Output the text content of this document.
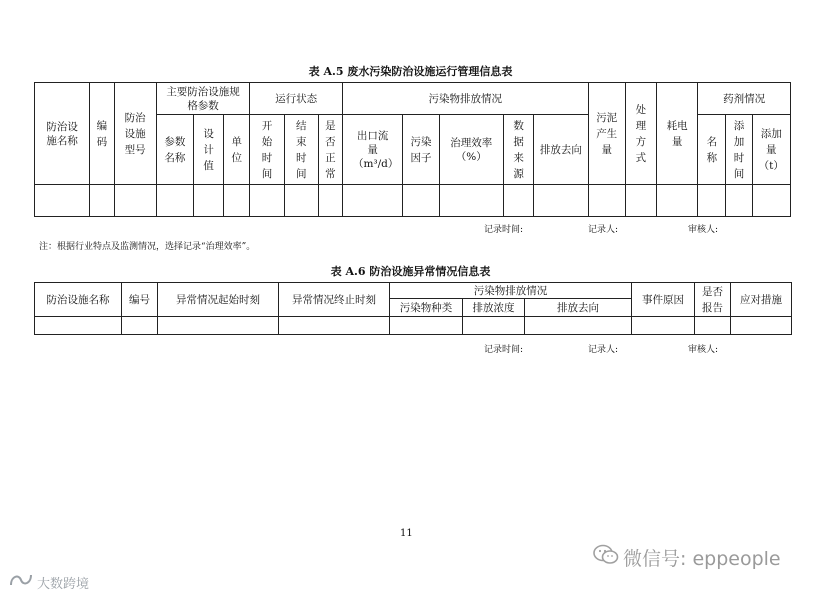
表 A.5 废水污染防治设施运行管理信息表
防治设施名称	编码	防治设施型号	主要防治设施规格参数			运行状态			污染物排放情况					污泥产生量	处理方式	耗电量	药剂情况		
			参数名称	设计值	单位	开始时间	结束时间	是否正常	出口流量（m³/d）	污染因子	治理效率（%）	数据来源	排放去向				名称	添加时间	添加量（t）

记录时间:	记录人:	审核人:
注：根据行业特点及监测情况，选择记录“治理效率”。
表 A.6 防治设施异常情况信息表
防治设施名称	编号	异常情况起始时刻	异常情况终止时刻	污染物排放情况			事件原因	是否报告	应对措施
				污染物种类	排放浓度	排放去向			

记录时间:	记录人:	审核人:
11
微信号: eppeople
大数跨境
